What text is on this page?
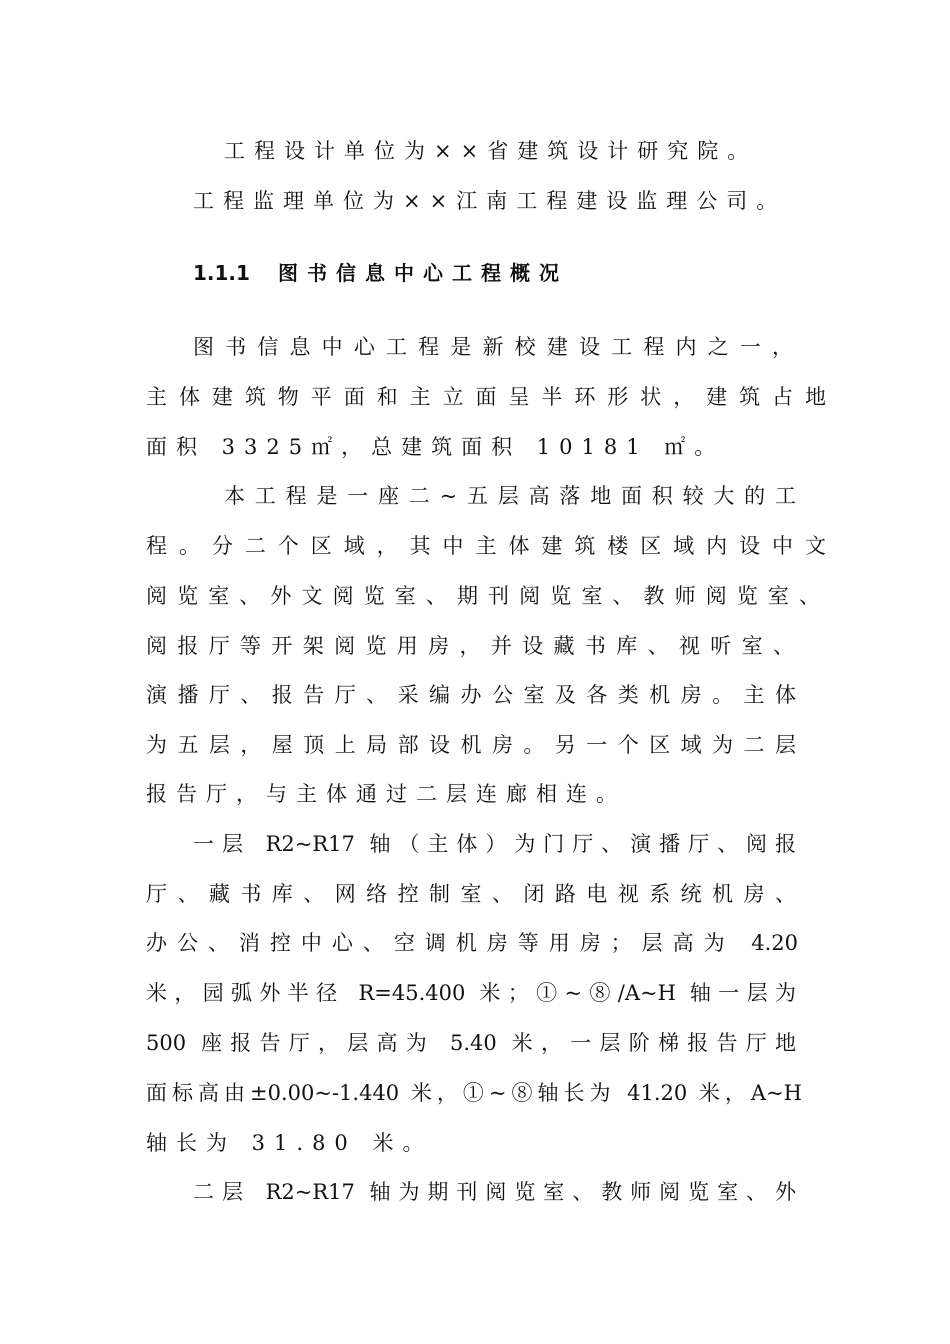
工程设计单位为××省建筑设计研究院。
工程监理单位为××江南工程建设监理公司。
1.1.1 图书信息中心工程概况
图书信息中心工程是新校建设工程内之一，
主体建筑物平面和主立面呈半环形状，建筑占地
面积 3325㎡，总建筑面积 10181 ㎡。
本工程是一座二~五层高落地面积较大的工
程。分二个区域，其中主体建筑楼区域内设中文
阅览室、外文阅览室、期刊阅览室、教师阅览室、
阅报厅等开架阅览用房，并设藏书库、视听室、
演播厅、报告厅、采编办公室及各类机房。主体
为五层，屋顶上局部设机房。另一个区域为二层
报告厅，与主体通过二层连廊相连。
一层 R2~R17 轴（主体）为门厅、演播厅、阅报
厅、藏书库、网络控制室、闭路电视系统机房、
办公、消控中心、空调机房等用房；层高为 4.20
米，园弧外半径 R=45.400 米；①~⑧/A~H 轴一层为
500 座报告厅，层高为 5.40 米，一层阶梯报告厅地
面标高由±0.00~-1.440 米，①~⑧轴长为 41.20 米，A~H
轴长为 31.80 米。
二层 R2~R17 轴为期刊阅览室、教师阅览室、外
